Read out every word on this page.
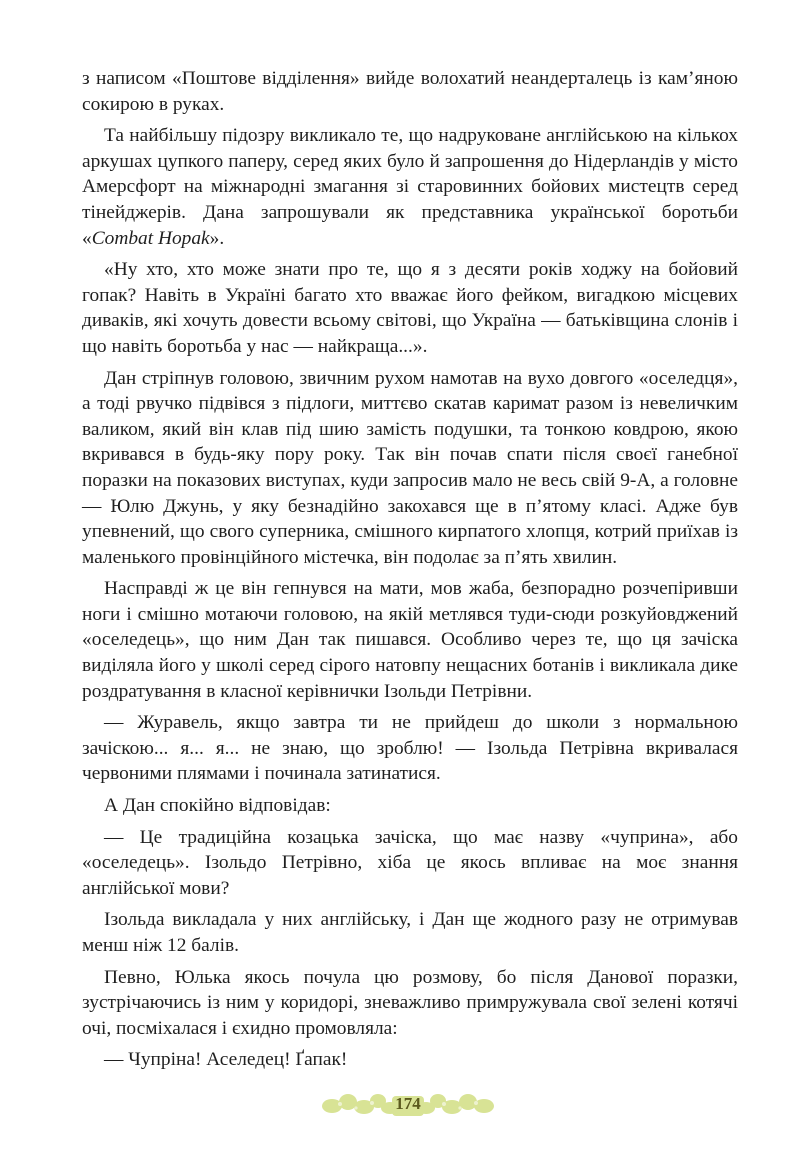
з написом «Поштове відділення» вийде волохатий неандерталець із кам’яною сокирою в руках.

Та найбільшу підозру викликало те, що надруковане англійською на кількох аркушах цупкого паперу, серед яких було й запрошення до Нідерландів у місто Амерсфорт на міжнародні змагання зі старовинних бойових мистецтв серед тінейджерів. Дана запрошували як представника української боротьби «Combat Hopak».

«Ну хто, хто може знати про те, що я з десяти років ходжу на бойовий гопак? Навіть в Україні багато хто вважає його фейком, вигадкою місцевих диваків, які хочуть довести всьому світові, що Україна — батьківщина слонів і що навіть боротьба у нас — найкраща...».

Дан стріпнув головою, звичним рухом намотав на вухо довгого «оселедця», а тоді рвучко підвівся з підлоги, миттєво скатав каримат разом із невеличким валиком, який він клав під шию замість подушки, та тонкою ковдрою, якою вкривався в будь-яку пору року. Так він почав спати після своєї ганебної поразки на показових виступах, куди запросив мало не весь свій 9-А, а головне — Юлю Джунь, у яку безнадійно закохався ще в п’ятому класі. Адже був упевнений, що свого суперника, смішного кирпатого хлопця, котрий приїхав із маленького провінційного містечка, він подолає за п’ять хвилин.

Насправді ж це він гепнувся на мати, мов жаба, безпорадно розчепіривши ноги і смішно мотаючи головою, на якій метлявся туди-сюди розкуйовджений «оселедець», що ним Дан так пишався. Особливо через те, що ця зачіска виділяла його у школі серед сірого натовпу нещасних ботанів і викликала дике роздратування в класної керівнички Ізольди Петрівни.

— Журавель, якщо завтра ти не прийдеш до школи з нормальною зачіскою... я... я... не знаю, що зроблю! — Ізольда Петрівна вкривалася червоними плямами і починала затинатися.

А Дан спокійно відповідав:

— Це традиційна козацька зачіска, що має назву «чуприна», або «оселедець». Ізольдо Петрівно, хіба це якось впливає на моє знання англійської мови?

Ізольда викладала у них англійську, і Дан ще жодного разу не отримував менш ніж 12 балів.

Певно, Юлька якось почула цю розмову, бо після Данової поразки, зустрічаючись із ним у коридорі, зневажливо примружувала свої зелені котячі очі, посміхалася і єхидно промовляла:

— Чупріна! Аселедец! Ґапак!

174
